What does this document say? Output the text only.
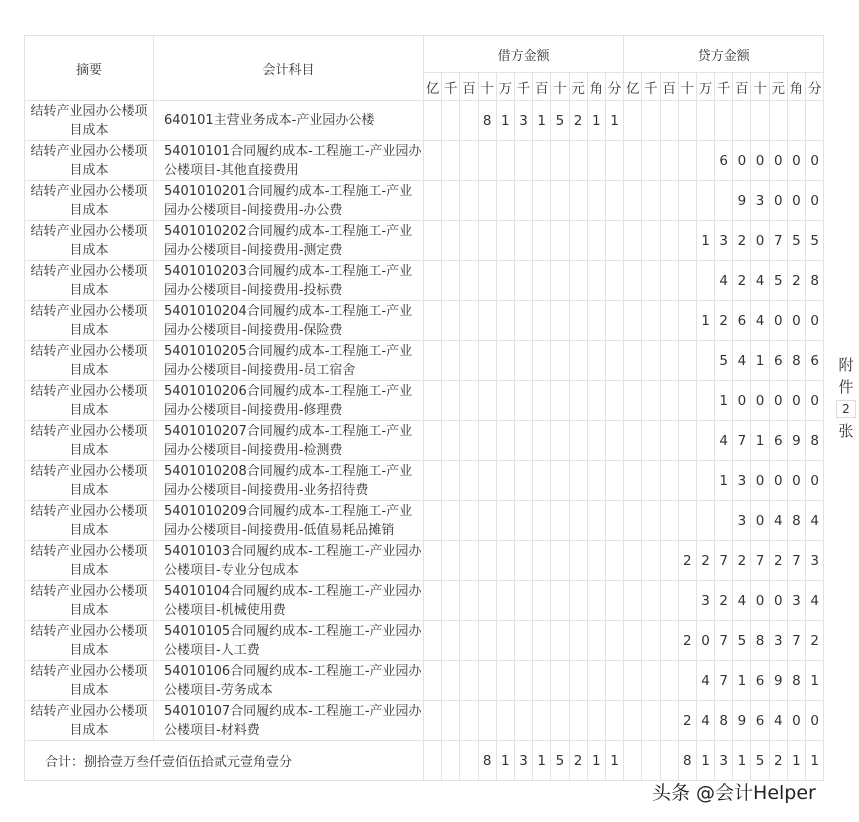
摘要	会计科目	借方金额											贷方金额										
		亿	千	百	十	万	千	百	十	元	角	分	亿	千	百	十	万	千	百	十	元	角	分
结转产业园办公楼项目成本	640101主营业务成本-产业园办公楼				8	1	3	1	5	2	1	1											
结转产业园办公楼项目成本	54010101合同履约成本-工程施工-产业园办公楼项目-其他直接费用																	6	0	0	0	0	0
结转产业园办公楼项目成本	5401010201合同履约成本-工程施工-产业园办公楼项目-间接费用-办公费																		9	3	0	0	0
结转产业园办公楼项目成本	5401010202合同履约成本-工程施工-产业园办公楼项目-间接费用-测定费																1	3	2	0	7	5	5
结转产业园办公楼项目成本	5401010203合同履约成本-工程施工-产业园办公楼项目-间接费用-投标费																	4	2	4	5	2	8
结转产业园办公楼项目成本	5401010204合同履约成本-工程施工-产业园办公楼项目-间接费用-保险费																1	2	6	4	0	0	0
结转产业园办公楼项目成本	5401010205合同履约成本-工程施工-产业园办公楼项目-间接费用-员工宿舍																	5	4	1	6	8	6
结转产业园办公楼项目成本	5401010206合同履约成本-工程施工-产业园办公楼项目-间接费用-修理费																	1	0	0	0	0	0
结转产业园办公楼项目成本	5401010207合同履约成本-工程施工-产业园办公楼项目-间接费用-检测费																	4	7	1	6	9	8
结转产业园办公楼项目成本	5401010208合同履约成本-工程施工-产业园办公楼项目-间接费用-业务招待费																	1	3	0	0	0	0
结转产业园办公楼项目成本	5401010209合同履约成本-工程施工-产业园办公楼项目-间接费用-低值易耗品摊销																		3	0	4	8	4
结转产业园办公楼项目成本	54010103合同履约成本-工程施工-产业园办公楼项目-专业分包成本															2	2	7	2	7	2	7	3
结转产业园办公楼项目成本	54010104合同履约成本-工程施工-产业园办公楼项目-机械使用费																3	2	4	0	0	3	4
结转产业园办公楼项目成本	54010105合同履约成本-工程施工-产业园办公楼项目-人工费															2	0	7	5	8	3	7	2
结转产业园办公楼项目成本	54010106合同履约成本-工程施工-产业园办公楼项目-劳务成本																4	7	1	6	9	8	1
结转产业园办公楼项目成本	54010107合同履约成本-工程施工-产业园办公楼项目-材料费															2	4	8	9	6	4	0	0
合计：捌拾壹万叁仟壹佰伍拾贰元壹角壹分					8	1	3	1	5	2	1	1				8	1	3	1	5	2	1	1
附
件
2
张
头条 @会计Helper
